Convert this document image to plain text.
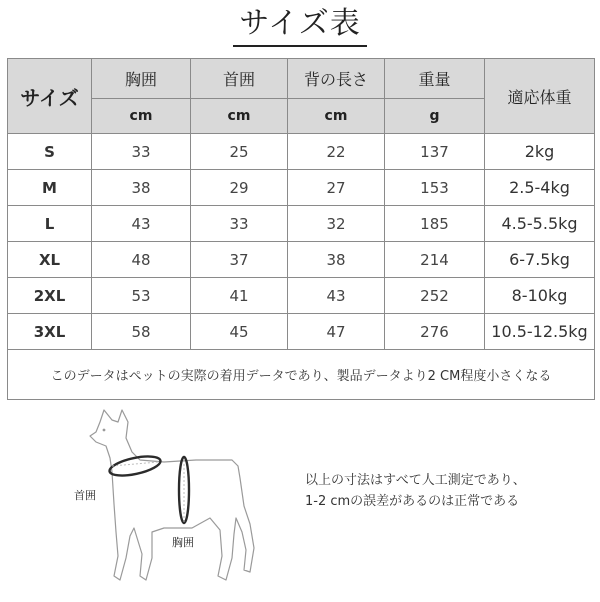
サイズ表
サイズ	胸囲	首囲	背の長さ	重量	適応体重
	cm	cm	cm	g	
S	33	25	22	137	2kg
M	38	29	27	153	2.5-4kg
L	43	33	32	185	4.5-5.5kg
XL	48	37	38	214	6-7.5kg
2XL	53	41	43	252	8-10kg
3XL	58	45	47	276	10.5-12.5kg
このデータはペットの実際の着用データであり、製品データより2 CM程度小さくなる					
首囲
胸囲
以上の寸法はすべて人工測定であり、
1-2 cmの誤差があるのは正常である
